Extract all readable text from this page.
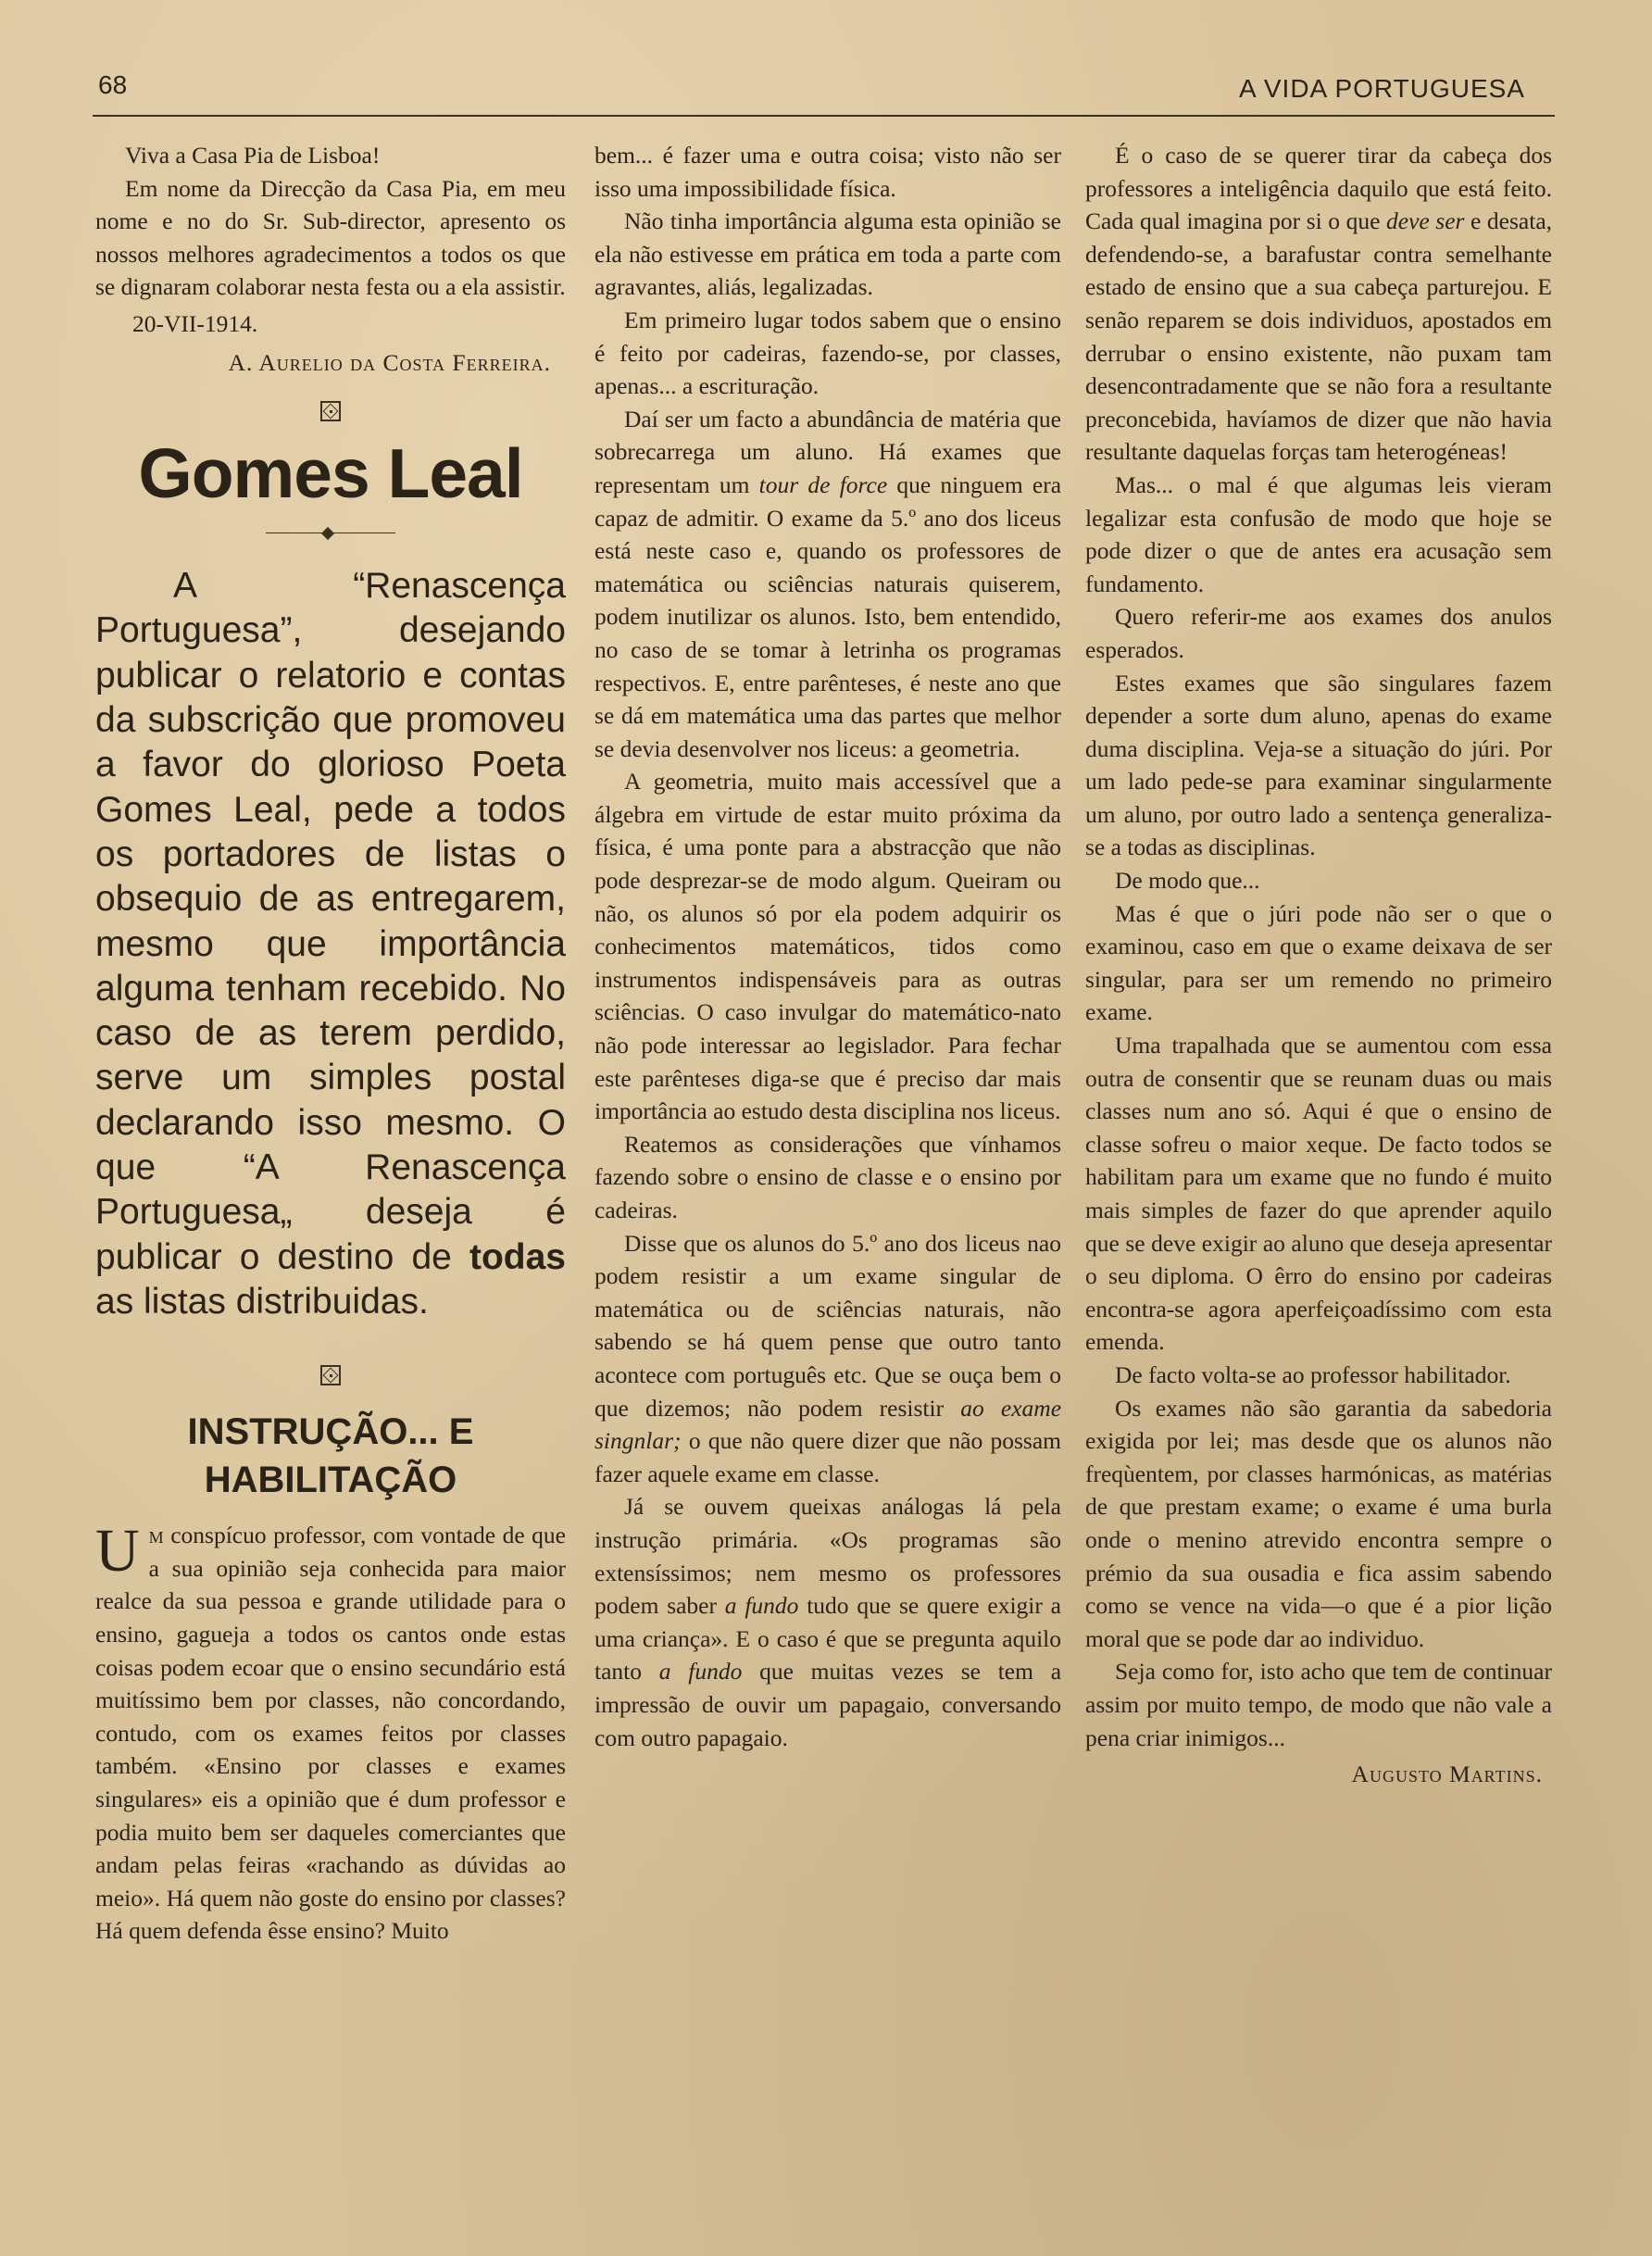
68	A VIDA PORTUGUESA

Viva a Casa Pia de Lisboa!

Em nome da Direcção da Casa Pia, em meu nome e no do Sr. Sub-director, apresento os nossos melhores agradecimentos a todos os que se dignaram colaborar nesta festa ou a ela assistir.

20-VII-1914.

A. Aurelio da Costa Ferreira.

Gomes Leal

A “Renascença Portuguesa”, desejando publicar o relatorio e contas da subscrição que promoveu a favor do glorioso Poeta Gomes Leal, pede a todos os portadores de listas o obsequio de as entregarem, mesmo que importância alguma tenham recebido. No caso de as terem perdido, serve um simples postal declarando isso mesmo. O que “A Renascença Portuguesa„ deseja é publicar o destino de todas as listas distribuidas.

INSTRUÇÃO... E HABILITAÇÃO

Um conspícuo professor, com vontade de que a sua opinião seja conhecida para maior realce da sua pessoa e grande utilidade para o ensino, gagueja a todos os cantos onde estas coisas podem ecoar que o ensino secundário está muitíssimo bem por classes, não concordando, contudo, com os exames feitos por classes também. «Ensino por classes e exames singulares» eis a opinião que é dum professor e podia muito bem ser daqueles comerciantes que andam pelas feiras «rachando as dúvidas ao meio». Há quem não goste do ensino por classes? Há quem defenda êsse ensino? Muito

bem... é fazer uma e outra coisa; visto não ser isso uma impossibilidade física.

Não tinha importância alguma esta opinião se ela não estivesse em prática em toda a parte com agravantes, aliás, legalizadas.

Em primeiro lugar todos sabem que o ensino é feito por cadeiras, fazendo-se, por classes, apenas... a escrituração.

Daí ser um facto a abundância de matéria que sobrecarrega um aluno. Há exames que representam um tour de force que ninguem era capaz de admitir. O exame da 5.º ano dos liceus está neste caso e, quando os professores de matemática ou sciências naturais quiserem, podem inutilizar os alunos. Isto, bem entendido, no caso de se tomar à letrinha os programas respectivos. E, entre parênteses, é neste ano que se dá em matemática uma das partes que melhor se devia desenvolver nos liceus: a geometria.

A geometria, muito mais accessível que a álgebra em virtude de estar muito próxima da física, é uma ponte para a abstracção que não pode desprezar-se de modo algum. Queiram ou não, os alunos só por ela podem adquirir os conhecimentos matemáticos, tidos como instrumentos indispensáveis para as outras sciências. O caso invulgar do matemático-nato não pode interessar ao legislador. Para fechar este parênteses diga-se que é preciso dar mais importância ao estudo desta disciplina nos liceus.

Reatemos as considerações que vínhamos fazendo sobre o ensino de classe e o ensino por cadeiras.

Disse que os alunos do 5.º ano dos liceus nao podem resistir a um exame singular de matemática ou de sciências naturais, não sabendo se há quem pense que outro tanto acontece com português etc. Que se ouça bem o que dizemos; não podem resistir ao exame singnlar; o que não quere dizer que não possam fazer aquele exame em classe.

Já se ouvem queixas análogas lá pela instrução primária. «Os programas são extensíssimos; nem mesmo os professores podem saber a fundo tudo que se quere exigir a uma criança». E o caso é que se pregunta aquilo tanto a fundo que muitas vezes se tem a impressão de ouvir um papagaio, conversando com outro papagaio.

É o caso de se querer tirar da cabeça dos professores a inteligência daquilo que está feito. Cada qual imagina por si o que deve ser e desata, defendendo-se, a barafustar contra semelhante estado de ensino que a sua cabeça parturejou. E senão reparem se dois individuos, apostados em derrubar o ensino existente, não puxam tam desencontradamente que se não fora a resultante preconcebida, havíamos de dizer que não havia resultante daquelas forças tam heterogéneas!

Mas... o mal é que algumas leis vieram legalizar esta confusão de modo que hoje se pode dizer o que de antes era acusação sem fundamento.

Quero referir-me aos exames dos anulos esperados.

Estes exames que são singulares fazem depender a sorte dum aluno, apenas do exame duma disciplina. Veja-se a situação do júri. Por um lado pede-se para examinar singularmente um aluno, por outro lado a sentença generaliza-se a todas as disciplinas.

De modo que...

Mas é que o júri pode não ser o que o examinou, caso em que o exame deixava de ser singular, para ser um remendo no primeiro exame.

Uma trapalhada que se aumentou com essa outra de consentir que se reunam duas ou mais classes num ano só. Aqui é que o ensino de classe sofreu o maior xeque. De facto todos se habilitam para um exame que no fundo é muito mais simples de fazer do que aprender aquilo que se deve exigir ao aluno que deseja apresentar o seu diploma. O êrro do ensino por cadeiras encontra-se agora aperfeiçoadíssimo com esta emenda.

De facto volta-se ao professor habilitador.

Os exames não são garantia da sabedoria exigida por lei; mas desde que os alunos não freqùentem, por classes harmónicas, as matérias de que prestam exame; o exame é uma burla onde o menino atrevido encontra sempre o prémio da sua ousadia e fica assim sabendo como se vence na vida—o que é a pior lição moral que se pode dar ao individuo.

Seja como for, isto acho que tem de continuar assim por muito tempo, de modo que não vale a pena criar inimigos...

Augusto Martins.
